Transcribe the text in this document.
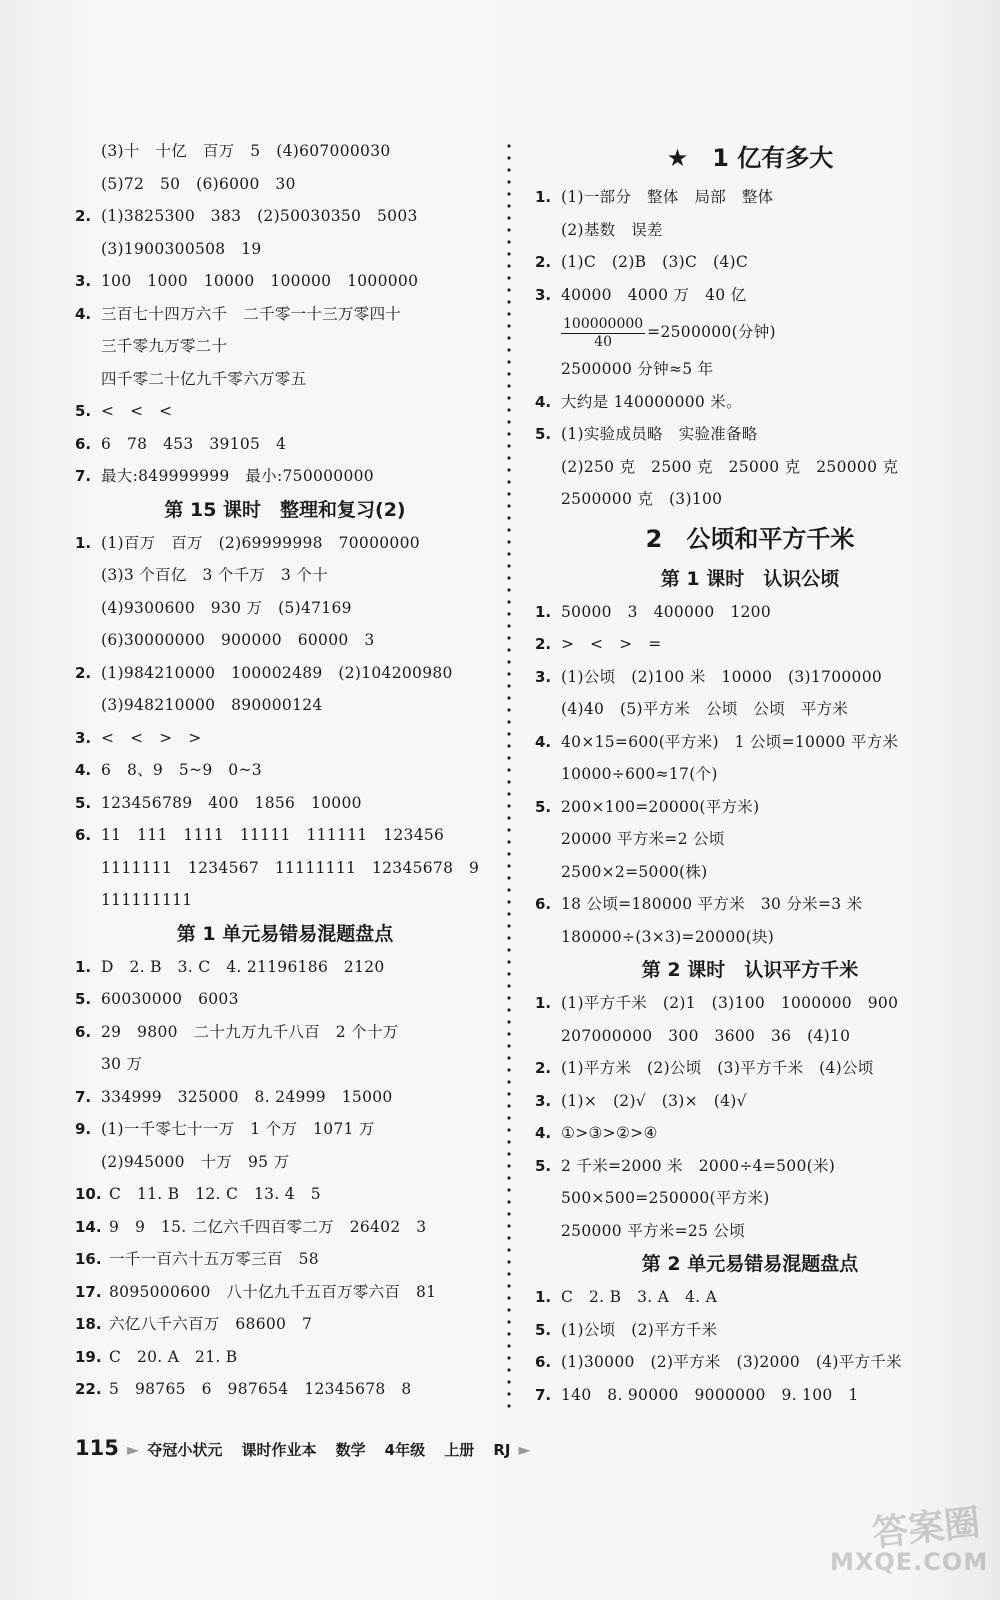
(3)十　十亿　百万　5　(4)607000030
(5)72　50　(6)6000　30
2. (1)3825300　383　(2)50030350　5003
(3)1900300508　19
3. 100　1000　10000　100000　1000000
4. 三百七十四万六千　二千零一十三万零四十
三千零九万零二十
四千零二十亿九千零六万零五
5. <　<　<
6. 6　78　453　39105　4
7. 最大:849999999　最小:750000000
第 15 课时　整理和复习(2)
1. (1)百万　百万　(2)69999998　70000000
(3)3 个百亿　3 个千万　3 个十
(4)9300600　930 万　(5)47169
(6)30000000　900000　60000　3
2. (1)984210000　100002489　(2)104200980
(3)948210000　890000124
3. <　<　>　>
4. 6　8、9　5~9　0~3
5. 123456789　400　1856　10000
6. 11　111　1111　11111　111111　123456
1111111　1234567　11111111　12345678　9
111111111
第 1 单元易错易混题盘点
1. D　2. B　3. C　4. 21196186　2120
5. 60030000　6003
6. 29　9800　二十九万九千八百　2 个十万
30 万
7. 334999　325000　8. 24999　15000
9. (1)一千零七十一万　1 个万　1071 万
(2)945000　十万　95 万
10. C　11. B　12. C　13. 4　5
14. 9　9　15. 二亿六千四百零二万　26402　3
16. 一千一百六十五万零三百　58
17. 8095000600　八十亿九千五百万零六百　81
18. 六亿八千六百万　68600　7
19. C　20. A　21. B
22. 5　98765　6　987654　12345678　8
★　1 亿有多大
1. (1)一部分　整体　局部　整体
(2)基数　误差
2. (1)C　(2)B　(3)C　(4)C
3. 40000　4000 万　40 亿
$\frac{100000000}{40} =2500000$(分钟)
2500000 分钟≈5 年
4. 大约是 140000000 米。
5. (1)实验成员略　实验准备略
(2)250 克　2500 克　25000 克　250000 克
2500000 克　(3)100
2　公顷和平方千米
第 1 课时　认识公顷
1. 50000　3　400000　1200
2. >　<　>　=
3. (1)公顷　(2)100 米　10000　(3)1700000
(4)40　(5)平方米　公顷　公顷　平方米
4. 40×15=600(平方米)　1 公顷=10000 平方米
10000÷600≈17(个)
5. 200×100=20000(平方米)
20000 平方米=2 公顷
2500×2=5000(株)
6. 18 公顷=180000 平方米　30 分米=3 米
180000÷(3×3)=20000(块)
第 2 课时　认识平方千米
1. (1)平方千米　(2)1　(3)100　1000000　900
207000000　300　3600　36　(4)10
2. (1)平方米　(2)公顷　(3)平方千米　(4)公顷
3. (1)×　(2)√　(3)×　(4)√
4. ①>③>②>④
5. 2 千米=2000 米　2000÷4=500(米)
500×500=250000(平方米)
250000 平方米=25 公顷
第 2 单元易错易混题盘点
1. C　2. B　3. A　4. A
5. (1)公顷　(2)平方千米
6. (1)30000　(2)平方米　(3)2000　(4)平方千米
7. 140　8. 90000　9000000　9. 100　1
115 ► 夺冠小状元 课时作业本 数学 4年级 上册 RJ ►
答案圈
MXQE.COM
